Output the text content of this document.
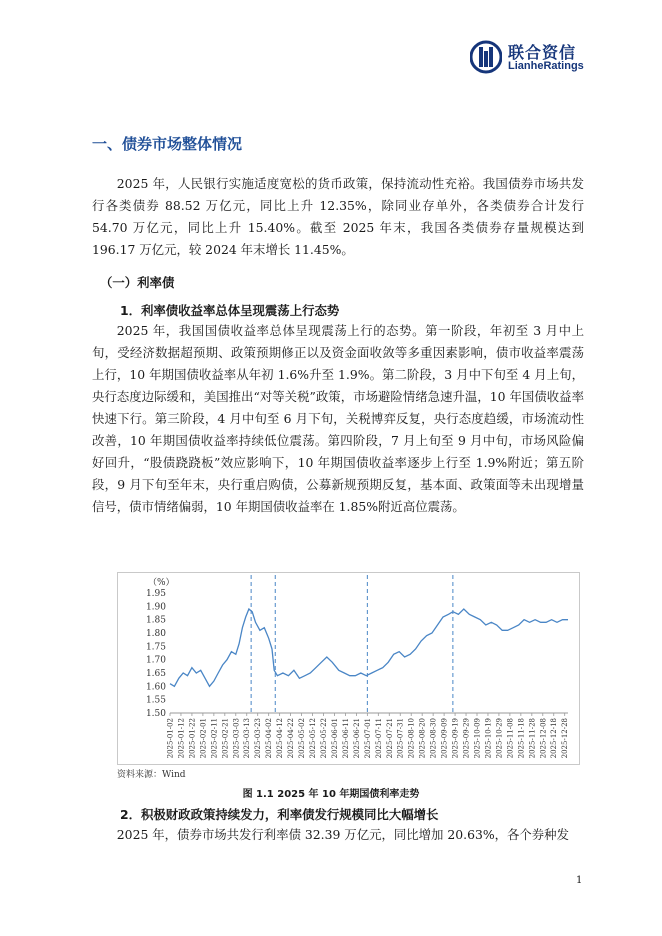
联合资信
LianheRatings
一、债券市场整体情况

2025 年，人民银行实施适度宽松的货币政策，保持流动性充裕。我国债券市场共发行各类债券 88.52 万亿元，同比上升 12.35%，除同业存单外，各类债券合计发行 54.70 万亿元，同比上升 15.40%。截至 2025 年末，我国各类债券存量规模达到 196.17 万亿元，较 2024 年末增长 11.45%。

（一）利率债
1．利率债收益率总体呈现震荡上行态势

2025 年，我国国债收益率总体呈现震荡上行的态势。第一阶段，年初至 3 月中上旬，受经济数据超预期、政策预期修正以及资金面收敛等多重因素影响，债市收益率震荡上行，10 年期国债收益率从年初 1.6%升至 1.9%。第二阶段，3 月中下旬至 4 月上旬，央行态度边际缓和，美国推出“对等关税”政策，市场避险情绪急速升温，10 年国债收益率快速下行。第三阶段，4 月中旬至 6 月下旬，关税博弈反复，央行态度趋缓，市场流动性改善，10 年期国债收益率持续低位震荡。第四阶段，7 月上旬至 9 月中旬，市场风险偏好回升，“股债跷跷板”效应影响下，10 年期国债收益率逐步上行至 1.9%附近；第五阶段，9 月下旬至年末，央行重启购债，公募新规预期反复，基本面、政策面等未出现增量信号，债市情绪偏弱，10 年期国债收益率在 1.85%附近高位震荡。

（%）
1.95
1.90
1.85
1.80
1.75
1.70
1.65
1.60
1.55
1.50
2025-01-02 2025-01-12 2025-01-22 2025-02-01 2025-02-11 2025-02-21 2025-03-03 2025-03-13 2025-03-23 2025-04-02 2025-04-12 2025-04-22 2025-05-02 2025-05-12 2025-05-22 2025-06-01 2025-06-11 2025-06-21 2025-07-01 2025-07-11 2025-07-21 2025-07-31 2025-08-10 2025-08-20 2025-08-30 2025-09-09 2025-09-19 2025-09-29 2025-10-09 2025-10-19 2025-10-29 2025-11-08 2025-11-18 2025-11-28 2025-12-08 2025-12-18 2025-12-28
资料来源：Wind
图 1.1 2025 年 10 年期国债利率走势
2．积极财政政策持续发力，利率债发行规模同比大幅增长

2025 年，债券市场共发行利率债 32.39 万亿元，同比增加 20.63%，各个券种发

1
